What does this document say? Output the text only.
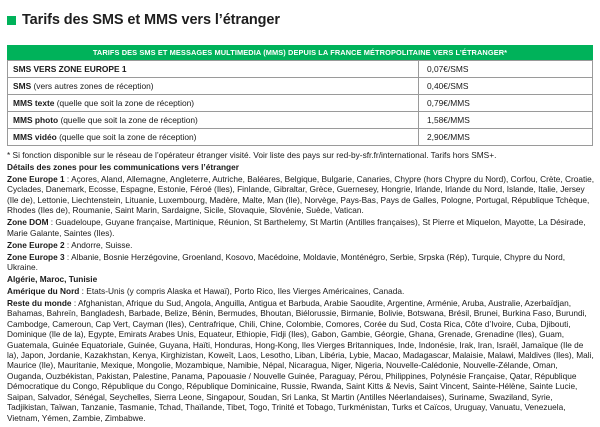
Tarifs des SMS et MMS vers l’étranger
TARIFS DES SMS ET MESSAGES MULTIMEDIA (MMS) DEPUIS LA FRANCE MÉTROPOLITAINE VERS L’ÉTRANGER*
SMS VERS ZONE EUROPE 1	0,07€/SMS
SMS (vers autres zones de réception)	0,40€/SMS
MMS texte (quelle que soit la zone de réception)	0,79€/MMS
MMS photo (quelle que soit la zone de réception)	1,58€/MMS
MMS vidéo (quelle que soit la zone de réception)	2,90€/MMS

* Si fonction disponible sur le réseau de l’opérateur étranger visité. Voir liste des pays sur red-by-sfr.fr/international. Tarifs hors SMS+.

Détails des zones pour les communications vers l’étranger

Zone Europe 1 : Açores, Aland, Allemagne, Angleterre, Autriche, Baléares, Belgique, Bulgarie, Canaries, Chypre (hors Chypre du Nord), Corfou, Crète, Croatie, Cyclades, Danemark, Ecosse, Espagne, Estonie, Féroé (Iles), Finlande, Gibraltar, Grèce, Guernesey, Hongrie, Irlande, Irlande du Nord, Islande, Italie, Jersey (Ile de), Lettonie, Liechtenstein, Lituanie, Luxembourg, Madère, Malte, Man (Ile), Norvège, Pays-Bas, Pays de Galles, Pologne, Portugal, République Tchèque, Rhodes (Iles de), Roumanie, Saint Marin, Sardaigne, Sicile, Slovaquie, Slovénie, Suède, Vatican.

Zone DOM : Guadeloupe, Guyane française, Martinique, Réunion, St Barthelemy, St Martin (Antilles françaises), St Pierre et Miquelon, Mayotte, La Désirade, Marie Galante, Saintes (Iles).

Zone Europe 2 : Andorre, Suisse.

Zone Europe 3 : Albanie, Bosnie Herzégovine, Groenland, Kosovo, Macédoine, Moldavie, Monténégro, Serbie, Srpska (Rép), Turquie, Chypre du Nord, Ukraine.

Algérie, Maroc, Tunisie

Amérique du Nord : Etats-Unis (y compris Alaska et Hawaï), Porto Rico, Iles Vierges Américaines, Canada.

Reste du monde : Afghanistan, Afrique du Sud, Angola, Anguilla, Antigua et Barbuda, Arabie Saoudite, Argentine, Arménie, Aruba, Australie, Azerbaïdjan, Bahamas, Bahreïn, Bangladesh, Barbade, Belize, Bénin, Bermudes, Bhoutan, Biélorussie, Birmanie, Bolivie, Botswana, Brésil, Brunei, Burkina Faso, Burundi, Cambodge, Cameroun, Cap Vert, Cayman (Iles), Centrafrique, Chili, Chine, Colombie, Comores, Corée du Sud, Costa Rica, Côte d’Ivoire, Cuba, Djibouti, Dominique (Ile de la), Egypte, Emirats Arabes Unis, Equateur, Ethiopie, Fidji (Iles), Gabon, Gambie, Géorgie, Ghana, Grenade, Grenadine (Iles), Guam, Guatemala, Guinée Equatoriale, Guinée, Guyana, Haïti, Honduras, Hong-Kong, Iles Vierges Britanniques, Inde, Indonésie, Irak, Iran, Israël, Jamaïque (Ile de la), Japon, Jordanie, Kazakhstan, Kenya, Kirghizistan, Koweït, Laos, Lesotho, Liban, Libéria, Lybie, Macao, Madagascar, Malaisie, Malawi, Maldives (Iles), Mali, Maurice (Ile), Mauritanie, Mexique, Mongolie, Mozambique, Namibie, Népal, Nicaragua, Niger, Nigeria, Nouvelle-Calédonie, Nouvelle-Zélande, Oman, Ouganda, Ouzbékistan, Pakistan, Palestine, Panama, Papouasie / Nouvelle Guinée, Paraguay, Pérou, Philippines, Polynésie Française, Qatar, République Démocratique du Congo, République du Congo, République Dominicaine, Russie, Rwanda, Saint Kitts & Nevis, Saint Vincent, Sainte-Hélène, Sainte Lucie, Saipan, Salvador, Sénégal, Seychelles, Sierra Leone, Singapour, Soudan, Sri Lanka, St Martin (Antilles Néerlandaises), Suriname, Swaziland, Syrie, Tadjikistan, Taïwan, Tanzanie, Tasmanie, Tchad, Thaïlande, Tibet, Togo, Trinité et Tobago, Turkménistan, Turks et Caïcos, Uruguay, Vanuatu, Venezuela, Vietnam, Yémen, Zambie, Zimbabwe.
